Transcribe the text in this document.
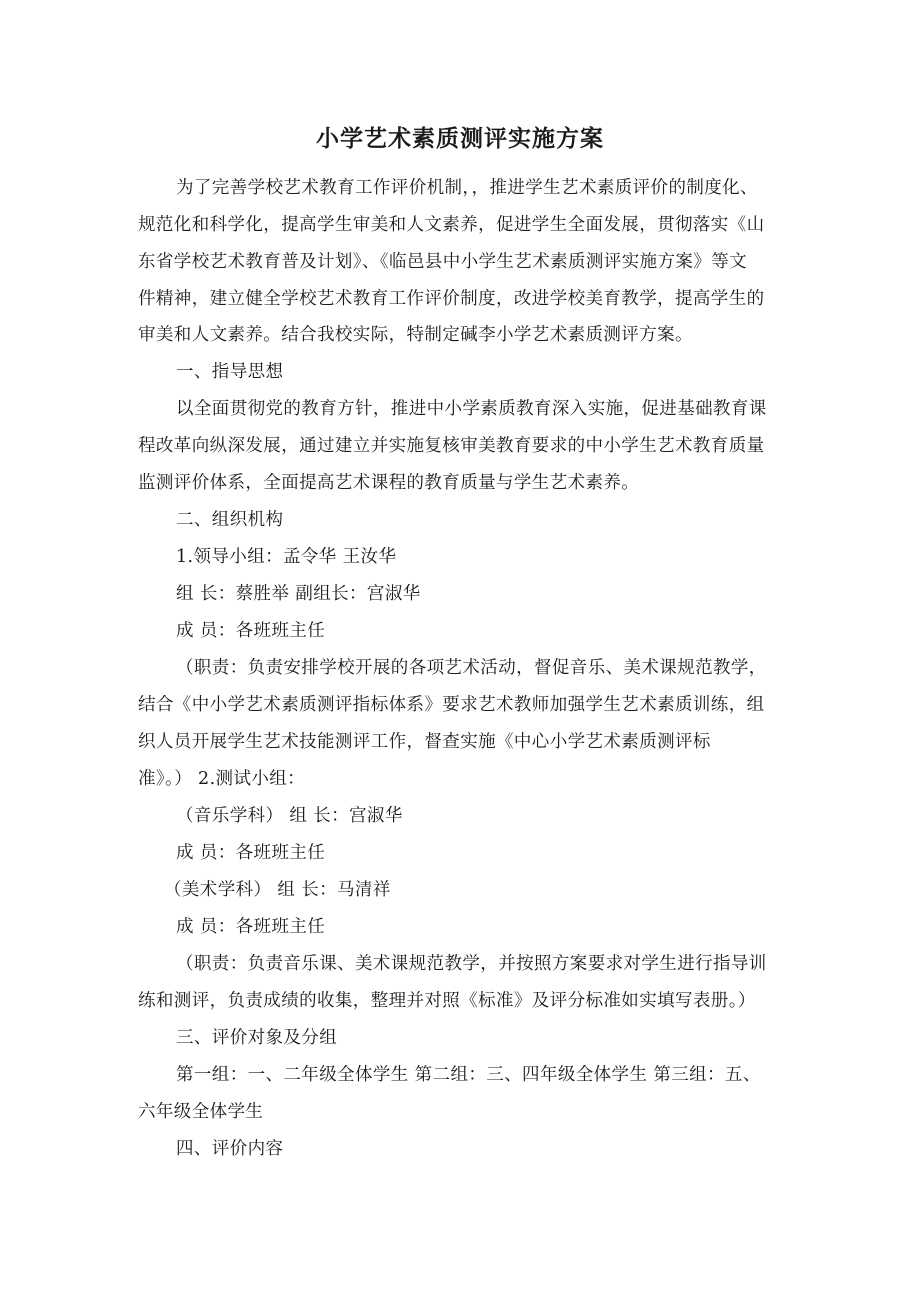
小学艺术素质测评实施方案
为了完善学校艺术教育工作评价机制，，推进学生艺术素质评价的制度化、
规范化和科学化，提高学生审美和人文素养，促进学生全面发展，贯彻落实《山
东省学校艺术教育普及计划》、《临邑县中小学生艺术素质测评实施方案》等文
件精神，建立健全学校艺术教育工作评价制度，改进学校美育教学，提高学生的
审美和人文素养。结合我校实际，特制定碱李小学艺术素质测评方案。
一、指导思想
以全面贯彻党的教育方针，推进中小学素质教育深入实施，促进基础教育课
程改革向纵深发展，通过建立并实施复核审美教育要求的中小学生艺术教育质量
监测评价体系，全面提高艺术课程的教育质量与学生艺术素养。
二、组织机构
1.领导小组：孟令华 王汝华
组 长：蔡胜举 副组长：宫淑华
成 员：各班班主任
（职责：负责安排学校开展的各项艺术活动，督促音乐、美术课规范教学，
结合《中小学艺术素质测评指标体系》要求艺术教师加强学生艺术素质训练，组
织人员开展学生艺术技能测评工作，督查实施《中心小学艺术素质测评标
准》。） 2.测试小组：
（音乐学科） 组 长：宫淑华
成 员：各班班主任
（美术学科） 组 长：马清祥
成 员：各班班主任
（职责：负责音乐课、美术课规范教学，并按照方案要求对学生进行指导训
练和测评，负责成绩的收集，整理并对照《标准》及评分标准如实填写表册。）
三、评价对象及分组
第一组：一、二年级全体学生 第二组：三、四年级全体学生 第三组：五、
六年级全体学生
四、评价内容
